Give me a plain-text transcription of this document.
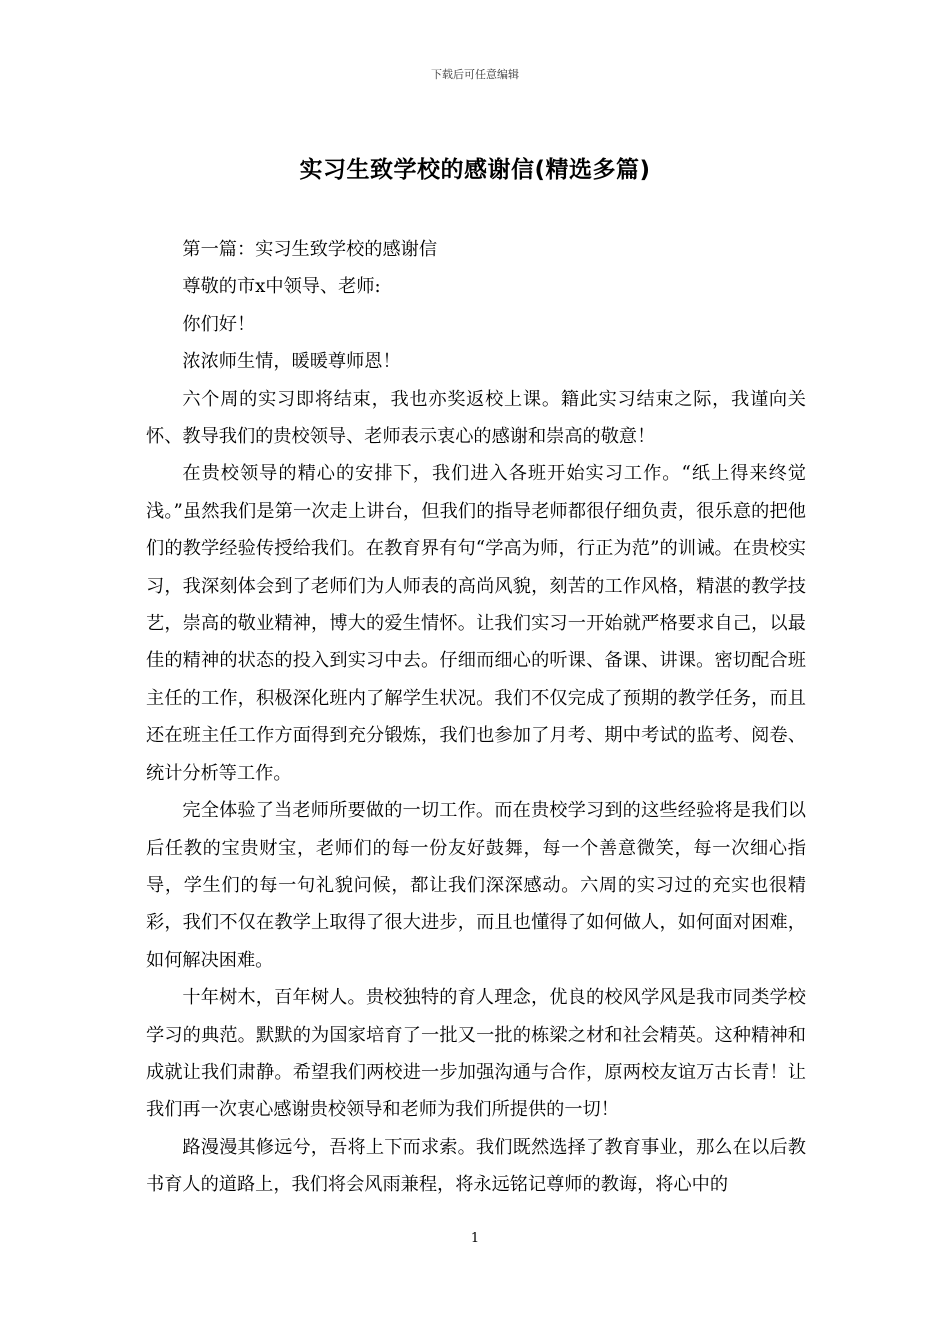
下载后可任意编辑
实习生致学校的感谢信(精选多篇)

第一篇：实习生致学校的感谢信

尊敬的市x中领导、老师:

你们好！

浓浓师生情，暖暖尊师恩！

六个周的实习即将结束，我也亦奖返校上课。籍此实习结束之际，我谨向关怀、教导我们的贵校领导、老师表示衷心的感谢和崇高的敬意！

在贵校领导的精心的安排下，我们进入各班开始实习工作。“纸上得来终觉浅。”虽然我们是第一次走上讲台，但我们的指导老师都很仔细负责，很乐意的把他们的教学经验传授给我们。在教育界有句“学高为师，行正为范”的训诫。在贵校实习，我深刻体会到了老师们为人师表的高尚风貌，刻苦的工作风格，精湛的教学技艺，崇高的敬业精神，博大的爱生情怀。让我们实习一开始就严格要求自己，以最佳的精神的状态的投入到实习中去。仔细而细心的听课、备课、讲课。密切配合班主任的工作，积极深化班内了解学生状况。我们不仅完成了预期的教学任务，而且还在班主任工作方面得到充分锻炼，我们也参加了月考、期中考试的监考、阅卷、统计分析等工作。

完全体验了当老师所要做的一切工作。而在贵校学习到的这些经验将是我们以后任教的宝贵财宝，老师们的每一份友好鼓舞，每一个善意微笑，每一次细心指导，学生们的每一句礼貌问候，都让我们深深感动。六周的实习过的充实也很精彩，我们不仅在教学上取得了很大进步，而且也懂得了如何做人，如何面对困难，如何解决困难。

十年树木，百年树人。贵校独特的育人理念，优良的校风学风是我市同类学校学习的典范。默默的为国家培育了一批又一批的栋梁之材和社会精英。这种精神和成就让我们肃静。希望我们两校进一步加强沟通与合作，原两校友谊万古长青！让我们再一次衷心感谢贵校领导和老师为我们所提供的一切！

路漫漫其修远兮，吾将上下而求索。我们既然选择了教育事业，那么在以后教书育人的道路上，我们将会风雨兼程，将永远铭记尊师的教诲，将心中的

1
